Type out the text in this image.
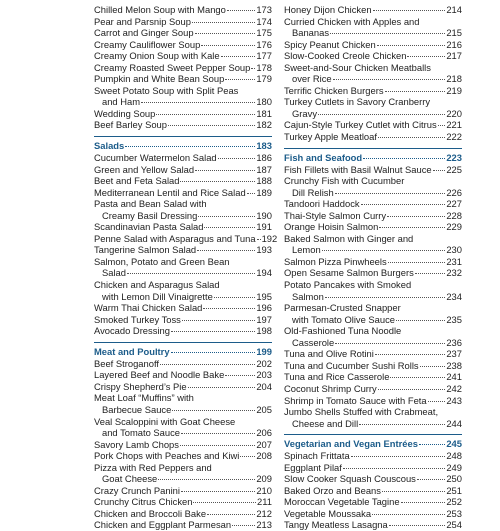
Chilled Melon Soup with Mango	173
Pear and Parsnip Soup	174
Carrot and Ginger Soup	175
Creamy Cauliflower Soup	176
Creamy Onion Soup with Kale	177
Creamy Roasted Sweet Pepper Soup 178
Pumpkin and White Bean Soup	179
Sweet Potato Soup with Split Peas
and Ham	180
Wedding Soup	181
Beef Barley Soup	182
Salads	183
Cucumber Watermelon Salad	186
Green and Yellow Salad	187
Beet and Feta Salad	188
Mediterranean Lentil and Rice Salad 189
Pasta and Bean Salad with
Creamy Basil Dressing	190
Scandinavian Pasta Salad	191
Penne Salad with Asparagus and Tuna 192
Tangerine Salmon Salad	193
Salmon, Potato and Green Bean
Salad	194
Chicken and Asparagus Salad
with Lemon Dill Vinaigrette	195
Warm Thai Chicken Salad	196
Smoked Turkey Toss	197
Avocado Dressing	198
Meat and Poultry	199
Beef Stroganoff	202
Layered Beef and Noodle Bake	203
Crispy Shepherd’s Pie	204
Meat Loaf “Muffins” with
Barbecue Sauce	205
Veal Scaloppini with Goat Cheese
and Tomato Sauce	206
Savory Lamb Chops	207
Pork Chops with Peaches and Kiwi 208
Pizza with Red Peppers and
Goat Cheese	209
Crazy Crunch Panini	210
Crunchy Citrus Chicken	211
Chicken and Broccoli Bake	212
Chicken and Eggplant Parmesan	213
Honey Dijon Chicken	214
Curried Chicken with Apples and
Bananas	215
Spicy Peanut Chicken	216
Slow-Cooked Creole Chicken	217
Sweet-and-Sour Chicken Meatballs
over Rice	218
Terrific Chicken Burgers	219
Turkey Cutlets in Savory Cranberry
Gravy	220
Cajun-Style Turkey Cutlet with Citrus 221
Turkey Apple Meatloaf	222
Fish and Seafood	223
Fish Fillets with Basil Walnut Sauce 225
Crunchy Fish with Cucumber
Dill Relish	226
Tandoori Haddock	227
Thai-Style Salmon Curry	228
Orange Hoisin Salmon	229
Baked Salmon with Ginger and
Lemon	230
Salmon Pizza Pinwheels	231
Open Sesame Salmon Burgers	232
Potato Pancakes with Smoked
Salmon	234
Parmesan-Crusted Snapper
with Tomato Olive Sauce	235
Old-Fashioned Tuna Noodle
Casserole	236
Tuna and Olive Rotini	237
Tuna and Cucumber Sushi Rolls	238
Tuna and Rice Casserole	241
Coconut Shrimp Curry	242
Shrimp in Tomato Sauce with Feta 243
Jumbo Shells Stuffed with Crabmeat,
Cheese and Dill	244
Vegetarian and Vegan Entrées	245
Spinach Frittata	248
Eggplant Pilaf	249
Slow Cooker Squash Couscous	250
Baked Orzo and Beans	251
Moroccan Vegetable Tagine	252
Vegetable Moussaka	253
Tangy Meatless Lasagna	254
